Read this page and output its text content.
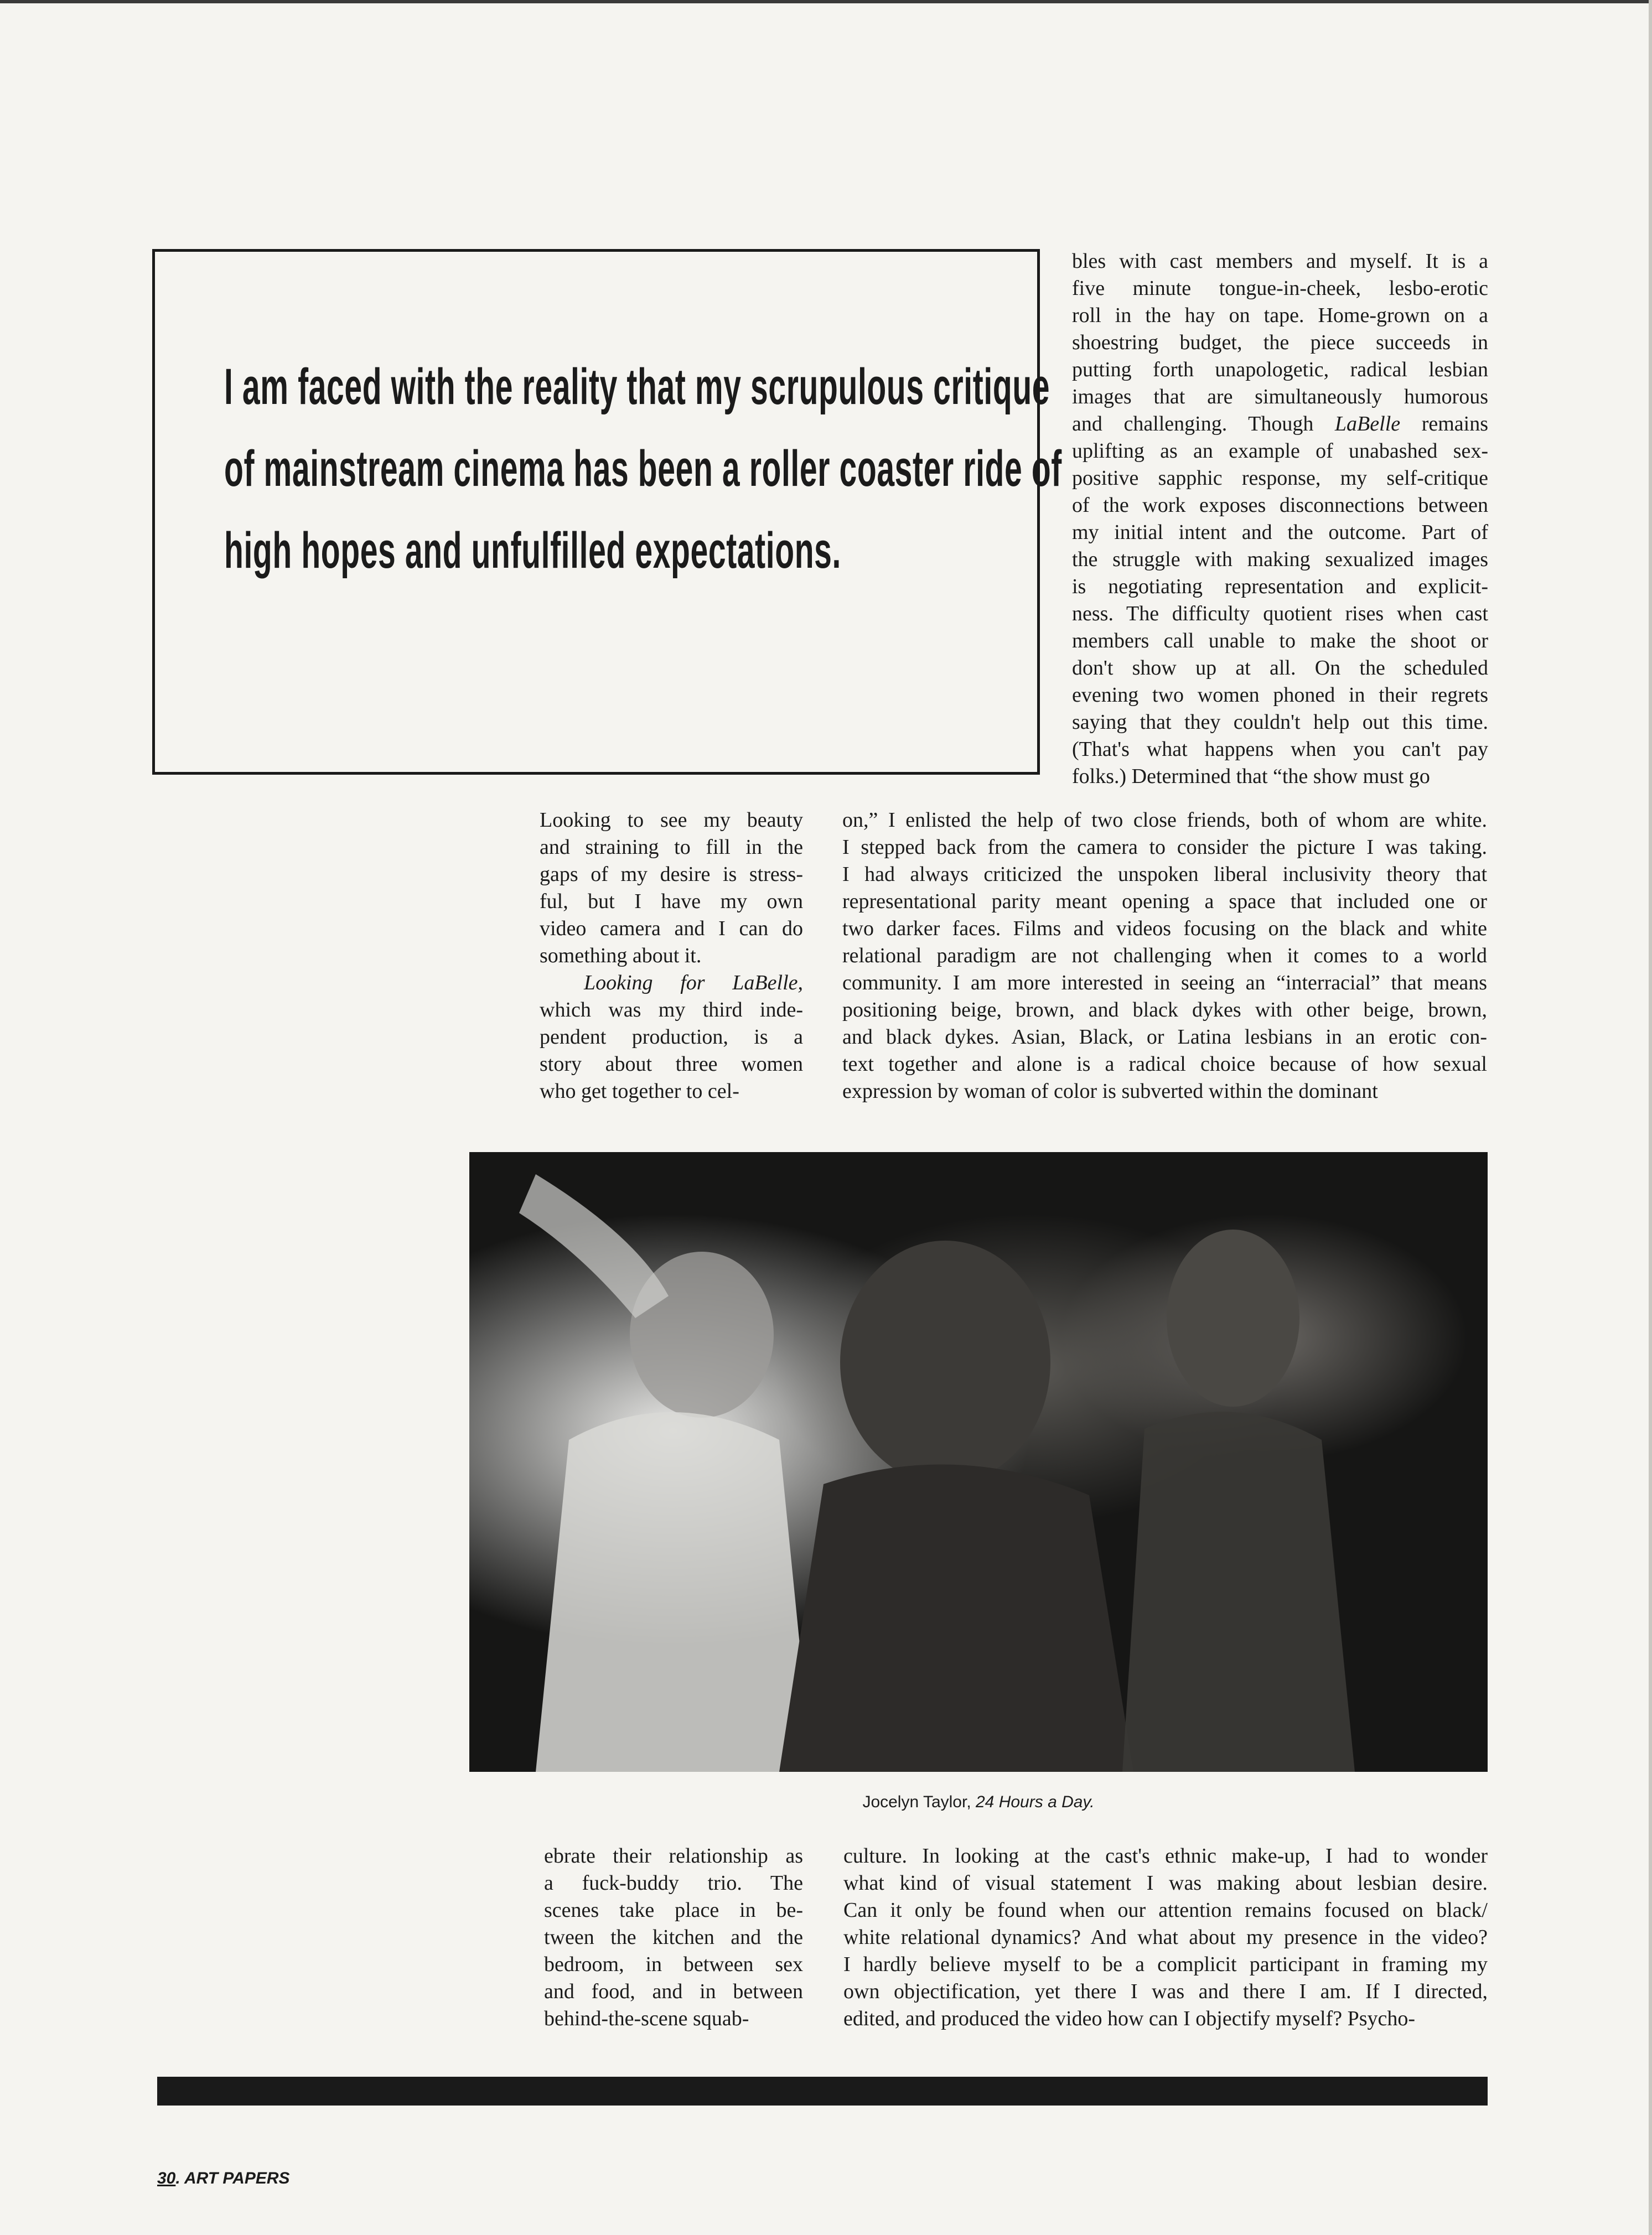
I am faced with the reality that my scrupulous critique
of mainstream cinema has been a roller coaster ride of
high hopes and unfulfilled expectations.

bles with cast members and myself. It is a
five minute tongue-in-cheek, lesbo-erotic
roll in the hay on tape. Home-grown on a
shoestring budget, the piece succeeds in
putting forth unapologetic, radical lesbian
images that are simultaneously humorous
and challenging. Though LaBelle remains
uplifting as an example of unabashed sex-
positive sapphic response, my self-critique
of the work exposes disconnections between
my initial intent and the outcome. Part of
the struggle with making sexualized images
is negotiating representation and explicit-
ness. The difficulty quotient rises when cast
members call unable to make the shoot or
don't show up at all. On the scheduled
evening two women phoned in their regrets
saying that they couldn't help out this time.
(That's what happens when you can't pay
folks.) Determined that “the show must go
Looking to see my beauty
and straining to fill in the
gaps of my desire is stress-
ful, but I have my own
video camera and I can do
something about it.
Looking for LaBelle,
which was my third inde-
pendent production, is a
story about three women
who get together to cel-
on,” I enlisted the help of two close friends, both of whom are white.
I stepped back from the camera to consider the picture I was taking.
I had always criticized the unspoken liberal inclusivity theory that
representational parity meant opening a space that included one or
two darker faces. Films and videos focusing on the black and white
relational paradigm are not challenging when it comes to a world
community. I am more interested in seeing an “interracial” that means
positioning beige, brown, and black dykes with other beige, brown,
and black dykes. Asian, Black, or Latina lesbians in an erotic con-
text together and alone is a radical choice because of how sexual
expression by woman of color is subverted within the dominant

Jocelyn Taylor, 24 Hours a Day.

ebrate their relationship as
a fuck-buddy trio. The
scenes take place in be-
tween the kitchen and the
bedroom, in between sex
and food, and in between
behind-the-scene squab-
culture. In looking at the cast's ethnic make-up, I had to wonder
what kind of visual statement I was making about lesbian desire.
Can it only be found when our attention remains focused on black/
white relational dynamics? And what about my presence in the video?
I hardly believe myself to be a complicit participant in framing my
own objectification, yet there I was and there I am. If I directed,
edited, and produced the video how can I objectify myself? Psycho-

30. ART PAPERS
